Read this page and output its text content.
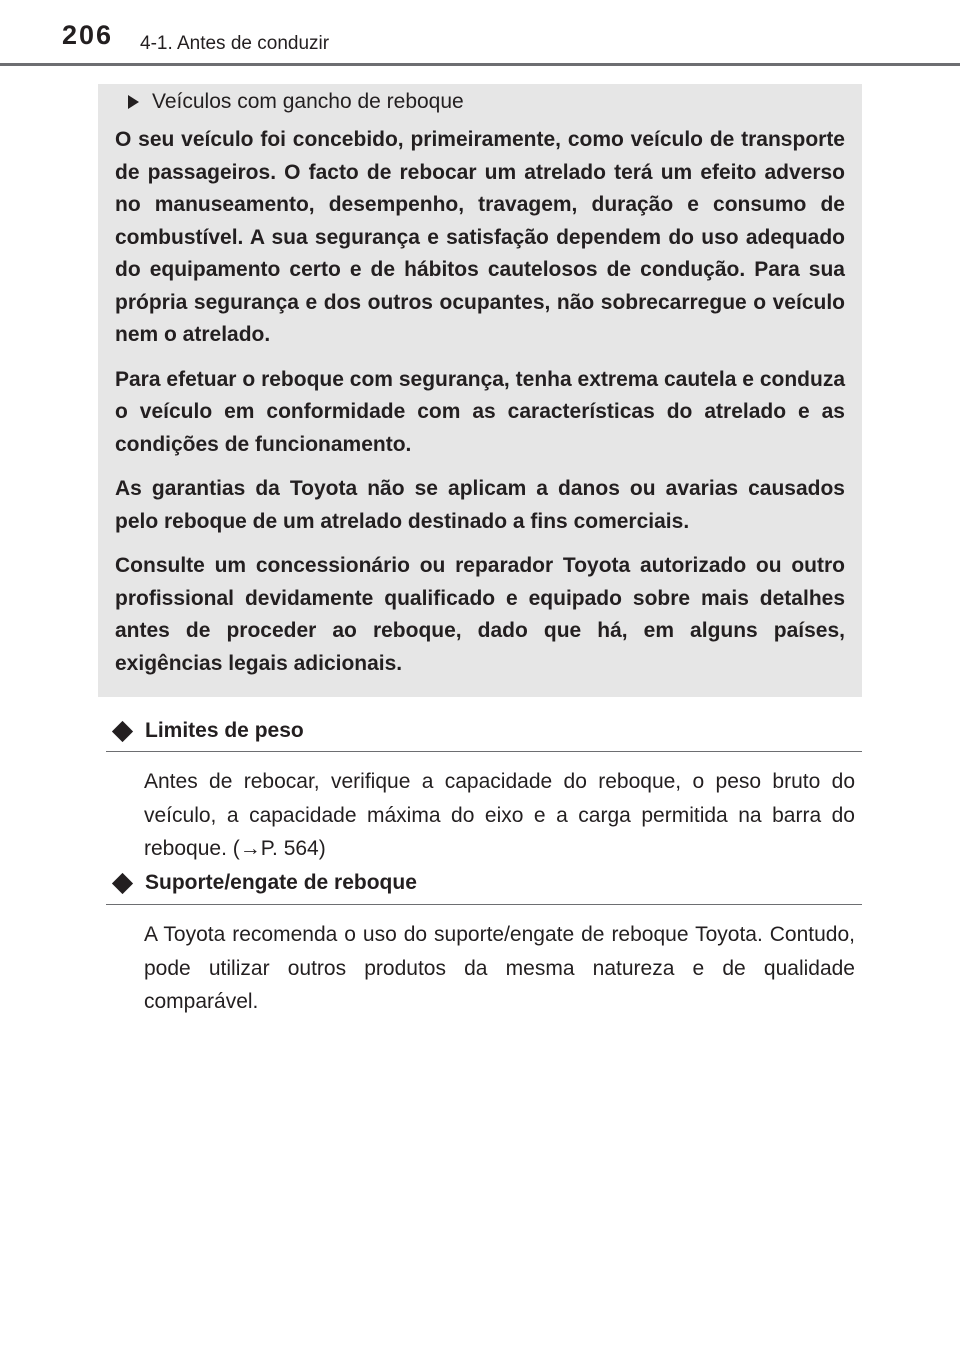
206 4-1. Antes de conduzir
Veículos com gancho de reboque

O seu veículo foi concebido, primeiramente, como veículo de transporte de passageiros. O facto de rebocar um atrelado terá um efeito adverso no manuseamento, desempenho, travagem, duração e consumo de combustível. A sua segurança e satisfação dependem do uso adequado do equipamento certo e de hábitos cautelosos de condução. Para sua própria segurança e dos outros ocupantes, não sobrecarregue o veículo nem o atrelado.

Para efetuar o reboque com segurança, tenha extrema cautela e conduza o veículo em conformidade com as características do atrelado e as condições de funcionamento.

As garantias da Toyota não se aplicam a danos ou avarias causados pelo reboque de um atrelado destinado a fins comerciais.

Consulte um concessionário ou reparador Toyota autorizado ou outro profissional devidamente qualificado e equipado sobre mais detalhes antes de proceder ao reboque, dado que há, em alguns países, exigências legais adicionais.

Limites de peso

Antes de rebocar, verifique a capacidade do reboque, o peso bruto do veículo, a capacidade máxima do eixo e a carga permitida na barra do reboque. (→P. 564)

Suporte/engate de reboque

A Toyota recomenda o uso do suporte/engate de reboque Toyota. Contudo, pode utilizar outros produtos da mesma natureza e de qualidade comparável.
